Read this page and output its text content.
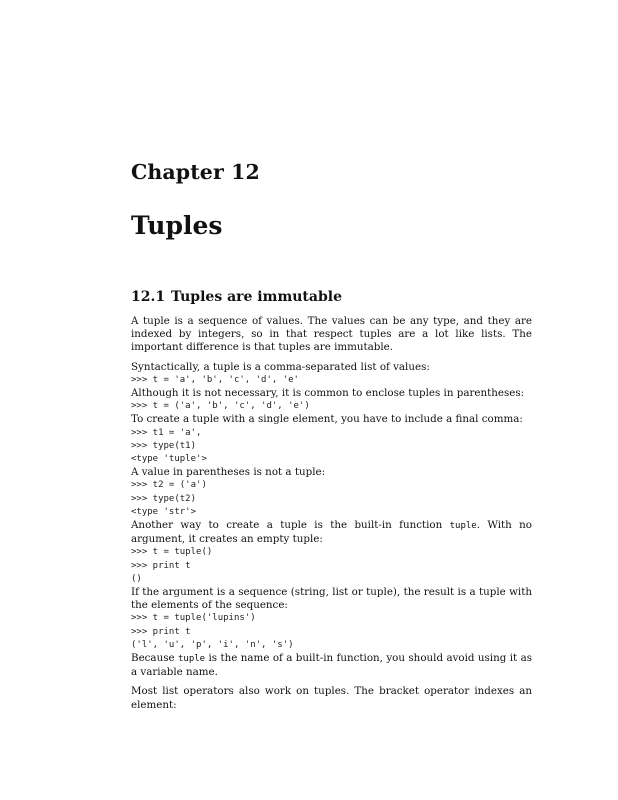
Chapter 12
Tuples
12.1 Tuples are immutable

A tuple is a sequence of values. The values can be any type, and they are indexed by integers, so in that respect tuples are a lot like lists. The important difference is that tuples are immutable.

Syntactically, a tuple is a comma-separated list of values:

>>> t = 'a', 'b', 'c', 'd', 'e'

Although it is not necessary, it is common to enclose tuples in parentheses:

>>> t = ('a', 'b', 'c', 'd', 'e')

To create a tuple with a single element, you have to include a final comma:

>>> t1 = 'a',
>>> type(t1)
<type 'tuple'>

A value in parentheses is not a tuple:

>>> t2 = ('a')
>>> type(t2)
<type 'str'>

Another way to create a tuple is the built-in function tuple. With no argument, it creates an empty tuple:

>>> t = tuple()
>>> print t
()

If the argument is a sequence (string, list or tuple), the result is a tuple with the elements of the sequence:

>>> t = tuple('lupins')
>>> print t
('l', 'u', 'p', 'i', 'n', 's')

Because tuple is the name of a built-in function, you should avoid using it as a variable name.

Most list operators also work on tuples. The bracket operator indexes an element:
